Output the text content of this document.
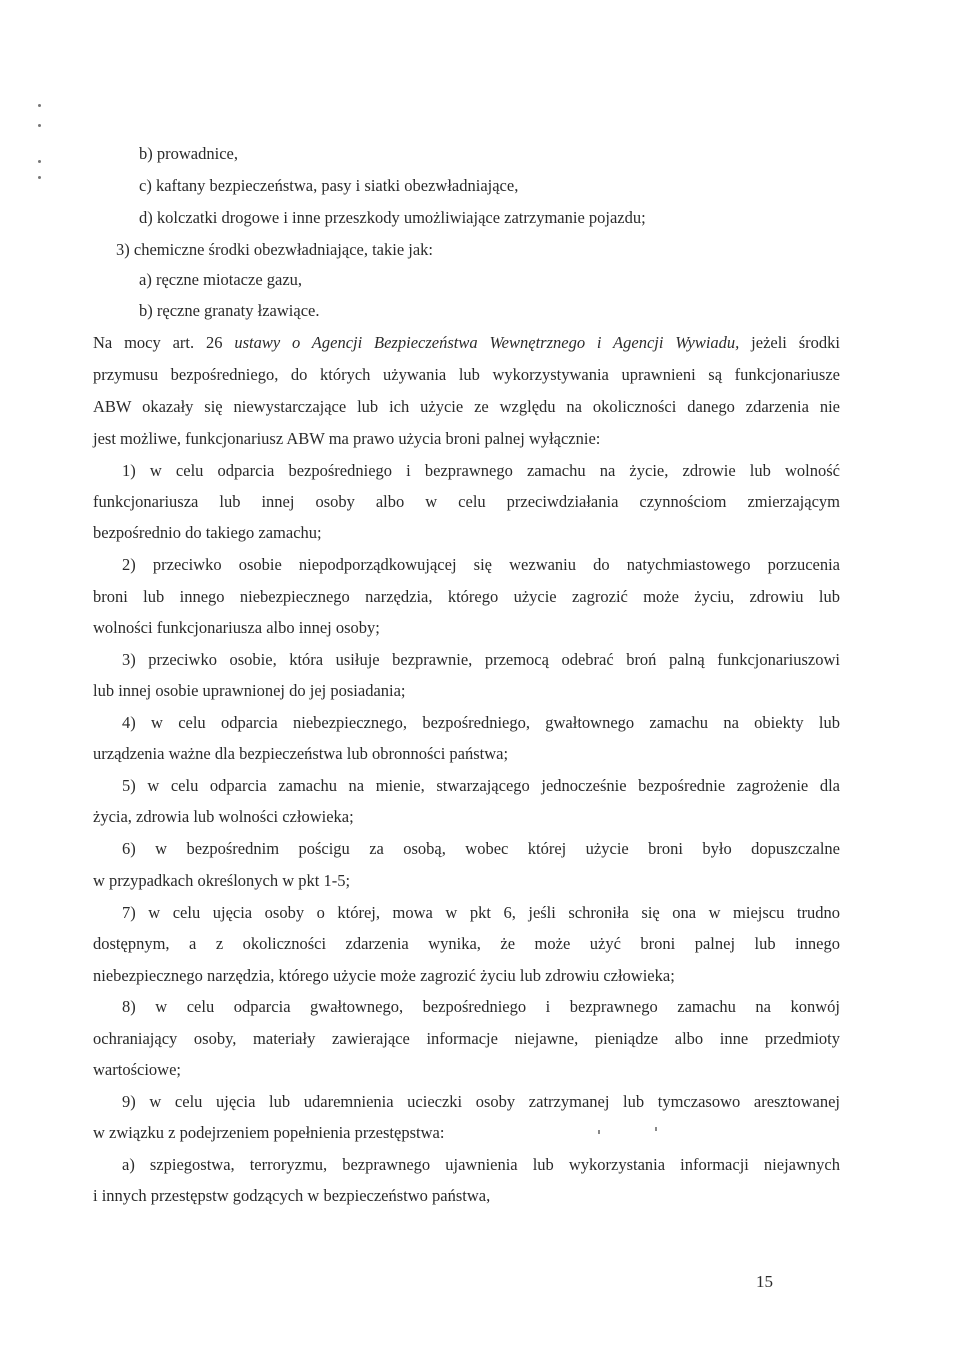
b) prowadnice,
c) kaftany bezpieczeństwa, pasy i siatki obezwładniające,
d) kolczatki drogowe i inne przeszkody umożliwiające zatrzymanie pojazdu;
3) chemiczne środki obezwładniające, takie jak:
a) ręczne miotacze gazu,
b) ręczne granaty łzawiące.
Na mocy art. 26 ustawy o Agencji Bezpieczeństwa Wewnętrznego i Agencji Wywiadu, jeżeli środki
przymusu bezpośredniego, do których używania lub wykorzystywania uprawnieni są funkcjonariusze
ABW okazały się niewystarczające lub ich użycie ze względu na okoliczności danego zdarzenia nie
jest możliwe, funkcjonariusz ABW ma prawo użycia broni palnej wyłącznie:
1) w celu odparcia bezpośredniego i bezprawnego zamachu na życie, zdrowie lub wolność
funkcjonariusza lub innej osoby albo w celu przeciwdziałania czynnościom zmierzającym
bezpośrednio do takiego zamachu;
2) przeciwko osobie niepodporządkowującej się wezwaniu do natychmiastowego porzucenia
broni lub innego niebezpiecznego narzędzia, którego użycie zagrozić może życiu, zdrowiu lub
wolności funkcjonariusza albo innej osoby;
3) przeciwko osobie, która usiłuje bezprawnie, przemocą odebrać broń palną funkcjonariuszowi
lub innej osobie uprawnionej do jej posiadania;
4) w celu odparcia niebezpiecznego, bezpośredniego, gwałtownego zamachu na obiekty lub
urządzenia ważne dla bezpieczeństwa lub obronności państwa;
5) w celu odparcia zamachu na mienie, stwarzającego jednocześnie bezpośrednie zagrożenie dla
życia, zdrowia lub wolności człowieka;
6) w bezpośrednim pościgu za osobą, wobec której użycie broni było dopuszczalne
w przypadkach określonych w pkt 1-5;
7) w celu ujęcia osoby o której, mowa w pkt 6, jeśli schroniła się ona w miejscu trudno
dostępnym, a z okoliczności zdarzenia wynika, że może użyć broni palnej lub innego
niebezpiecznego narzędzia, którego użycie może zagrozić życiu lub zdrowiu człowieka;
8) w celu odparcia gwałtownego, bezpośredniego i bezprawnego zamachu na konwój
ochraniający osoby, materiały zawierające informacje niejawne, pieniądze albo inne przedmioty
wartościowe;
9) w celu ujęcia lub udaremnienia ucieczki osoby zatrzymanej lub tymczasowo aresztowanej
w związku z podejrzeniem popełnienia przestępstwa:
a) szpiegostwa, terroryzmu, bezprawnego ujawnienia lub wykorzystania informacji niejawnych
i innych przestępstw godzących w bezpieczeństwo państwa,
15
